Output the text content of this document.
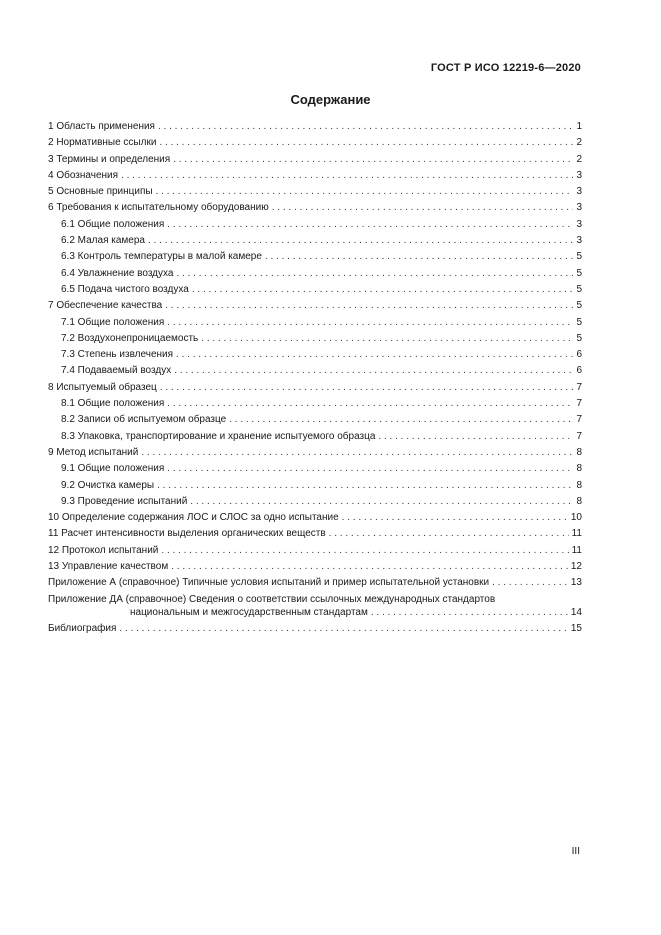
ГОСТ Р ИСО 12219-6—2020
Содержание
1 Область применения . . .	1
2 Нормативные ссылки . . .	2
3 Термины и определения . . .	2
4 Обозначения . . .	3
5 Основные принципы . . .	3
6 Требования к испытательному оборудованию . . .	3
6.1 Общие положения . . .	3
6.2 Малая камера . . .	3
6.3 Контроль температуры в малой камере . . .	5
6.4 Увлажнение воздуха . . .	5
6.5 Подача чистого воздуха . . .	5
7 Обеспечение качества . . .	5
7.1 Общие положения . . .	5
7.2 Воздухонепроницаемость . . .	5
7.3 Степень извлечения . . .	6
7.4 Подаваемый воздух . . .	6
8 Испытуемый образец . . .	7
8.1 Общие положения . . .	7
8.2 Записи об испытуемом образце . . .	7
8.3 Упаковка, транспортирование и хранение испытуемого образца . . .	7
9 Метод испытаний . . .	8
9.1 Общие положения . . .	8
9.2 Очистка камеры . . .	8
9.3 Проведение испытаний . . .	8
10 Определение содержания ЛОС и СЛОС за одно испытание . . .	10
11 Расчет интенсивности выделения органических веществ . . .	11
12 Протокол испытаний . . .	11
13 Управление качеством . . .	12
Приложение А (справочное) Типичные условия испытаний и пример испытательной установки . . .	13
Приложение ДА (справочное) Сведения о соответствии ссылочных международных стандартов
национальным и межгосударственным стандартам . . .	14
Библиография . . .	15
III
